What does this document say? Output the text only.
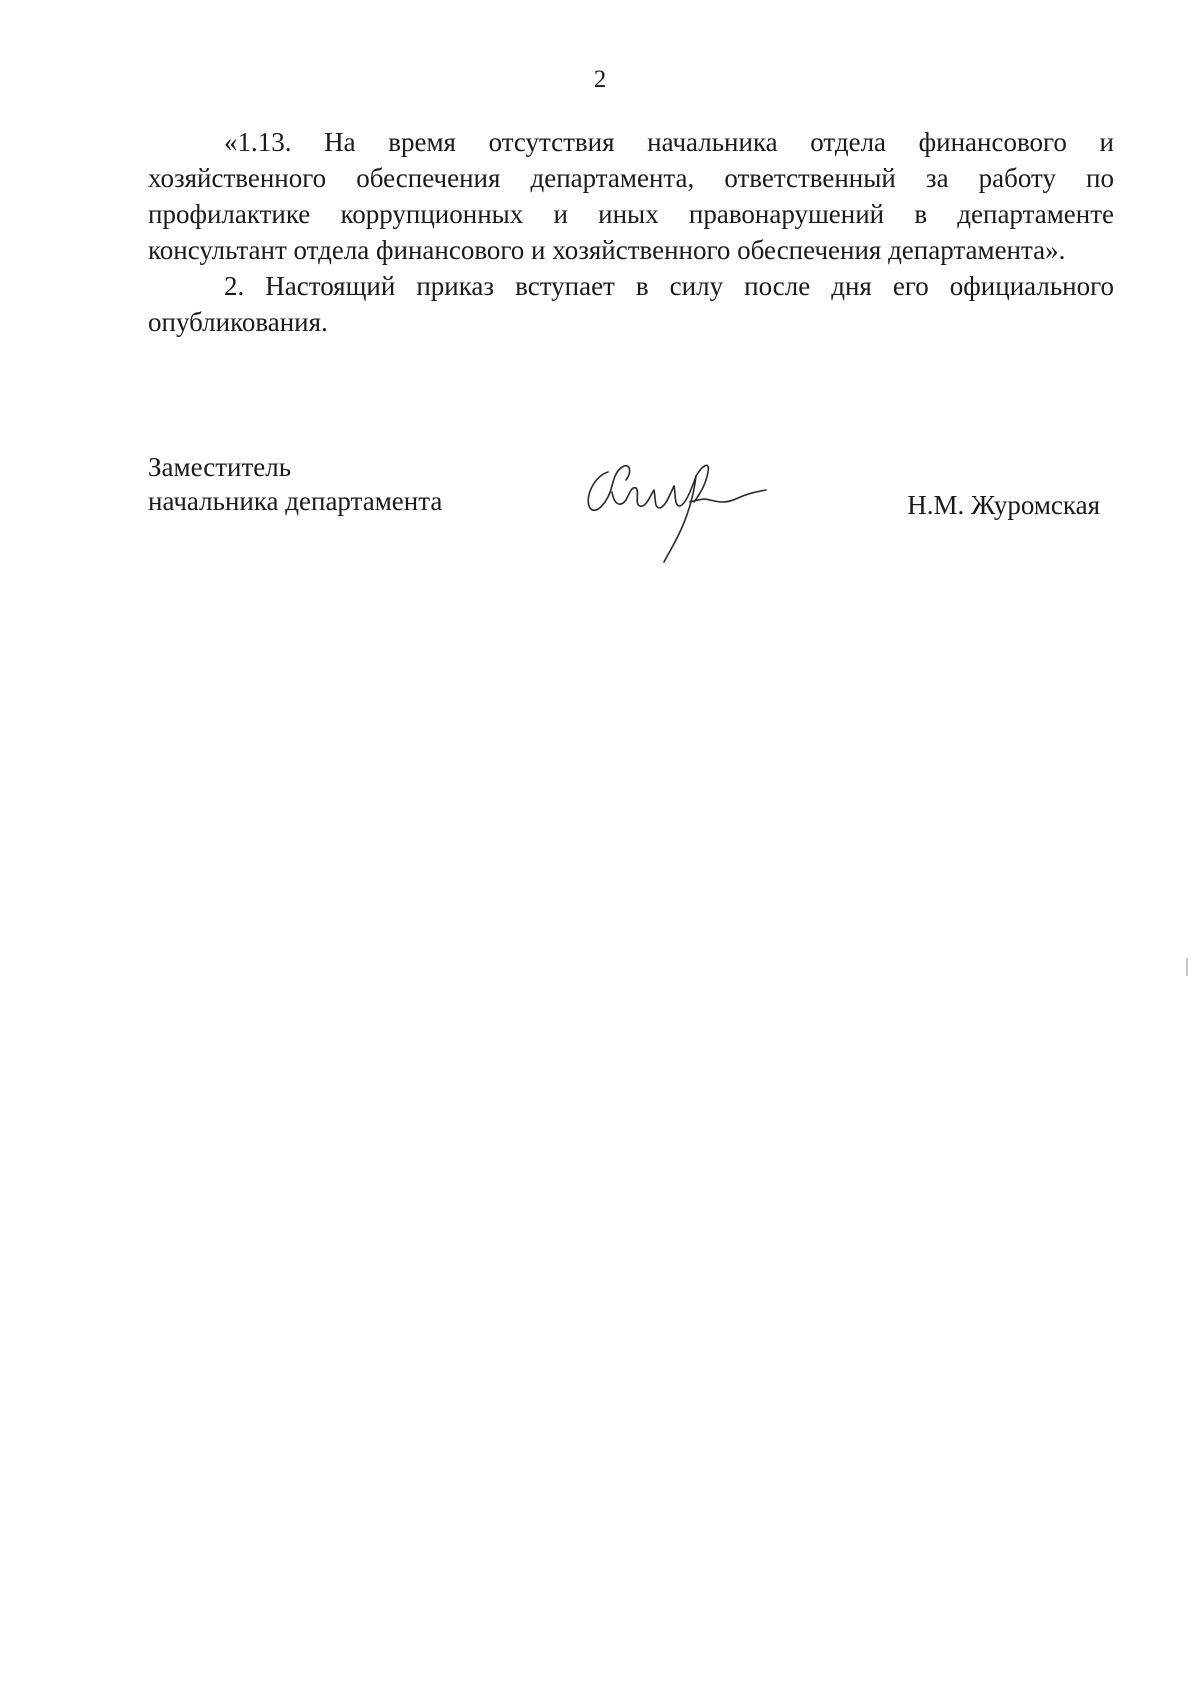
2

«1.13. На время отсутствия начальника отдела финансового и хозяйственного обеспечения департамента, ответственный за работу по профилактике коррупционных и иных правонарушений в департаменте консультант отдела финансового и хозяйственного обеспечения департамента».

2. Настоящий приказ вступает в силу после дня его официального опубликования.

Заместитель
начальника департамента	Н.М. Журомская
